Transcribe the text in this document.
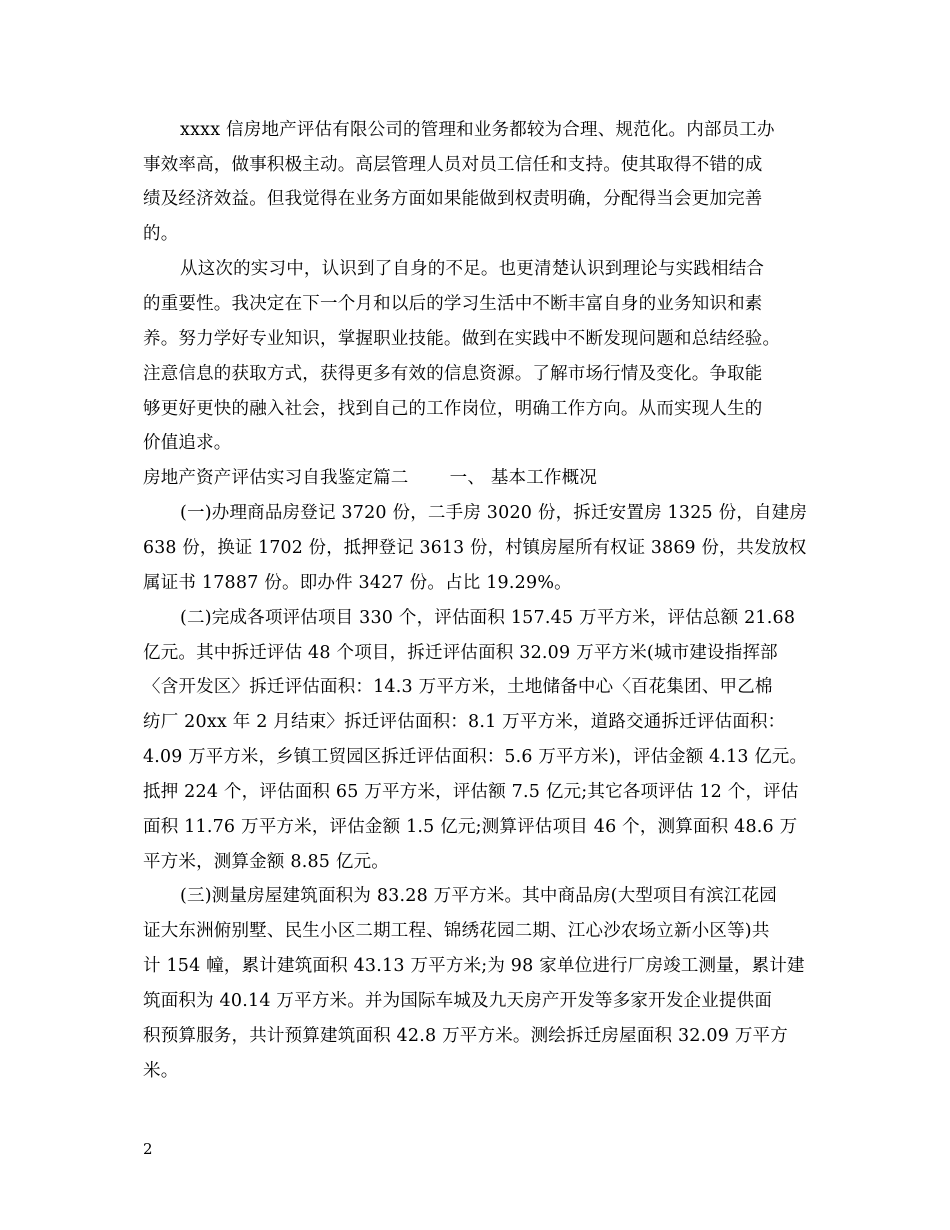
xxxx 信房地产评估有限公司的管理和业务都较为合理、规范化。内部员工办
事效率高，做事积极主动。高层管理人员对员工信任和支持。使其取得不错的成
绩及经济效益。但我觉得在业务方面如果能做到权责明确，分配得当会更加完善
的。
从这次的实习中，认识到了自身的不足。也更清楚认识到理论与实践相结合
的重要性。我决定在下一个月和以后的学习生活中不断丰富自身的业务知识和素
养。努力学好专业知识，掌握职业技能。做到在实践中不断发现问题和总结经验。
注意信息的获取方式，获得更多有效的信息资源。了解市场行情及变化。争取能
够更好更快的融入社会，找到自己的工作岗位，明确工作方向。从而实现人生的
价值追求。
房地产资产评估实习自我鉴定篇二　　 一、 基本工作概况
(一)办理商品房登记 3720 份，二手房 3020 份，拆迁安置房 1325 份，自建房
638 份，换证 1702 份，抵押登记 3613 份，村镇房屋所有权证 3869 份，共发放权
属证书 17887 份。即办件 3427 份。占比 19.29%。
(二)完成各项评估项目 330 个，评估面积 157.45 万平方米，评估总额 21.68
亿元。其中拆迁评估 48 个项目，拆迁评估面积 32.09 万平方米(城市建设指挥部
〈含开发区〉拆迁评估面积：14.3 万平方米，土地储备中心〈百花集团、甲乙棉
纺厂 20xx 年 2 月结束〉拆迁评估面积：8.1 万平方米，道路交通拆迁评估面积：
4.09 万平方米，乡镇工贸园区拆迁评估面积：5.6 万平方米)，评估金额 4.13 亿元。
抵押 224 个，评估面积 65 万平方米，评估额 7.5 亿元;其它各项评估 12 个，评估
面积 11.76 万平方米，评估金额 1.5 亿元;测算评估项目 46 个，测算面积 48.6 万
平方米，测算金额 8.85 亿元。
(三)测量房屋建筑面积为 83.28 万平方米。其中商品房(大型项目有滨江花园
证大东洲俯别墅、民生小区二期工程、锦绣花园二期、江心沙农场立新小区等)共
计 154 幢，累计建筑面积 43.13 万平方米;为 98 家单位进行厂房竣工测量，累计建
筑面积为 40.14 万平方米。并为国际车城及九天房产开发等多家开发企业提供面
积预算服务，共计预算建筑面积 42.8 万平方米。测绘拆迁房屋面积 32.09 万平方
米。
2
